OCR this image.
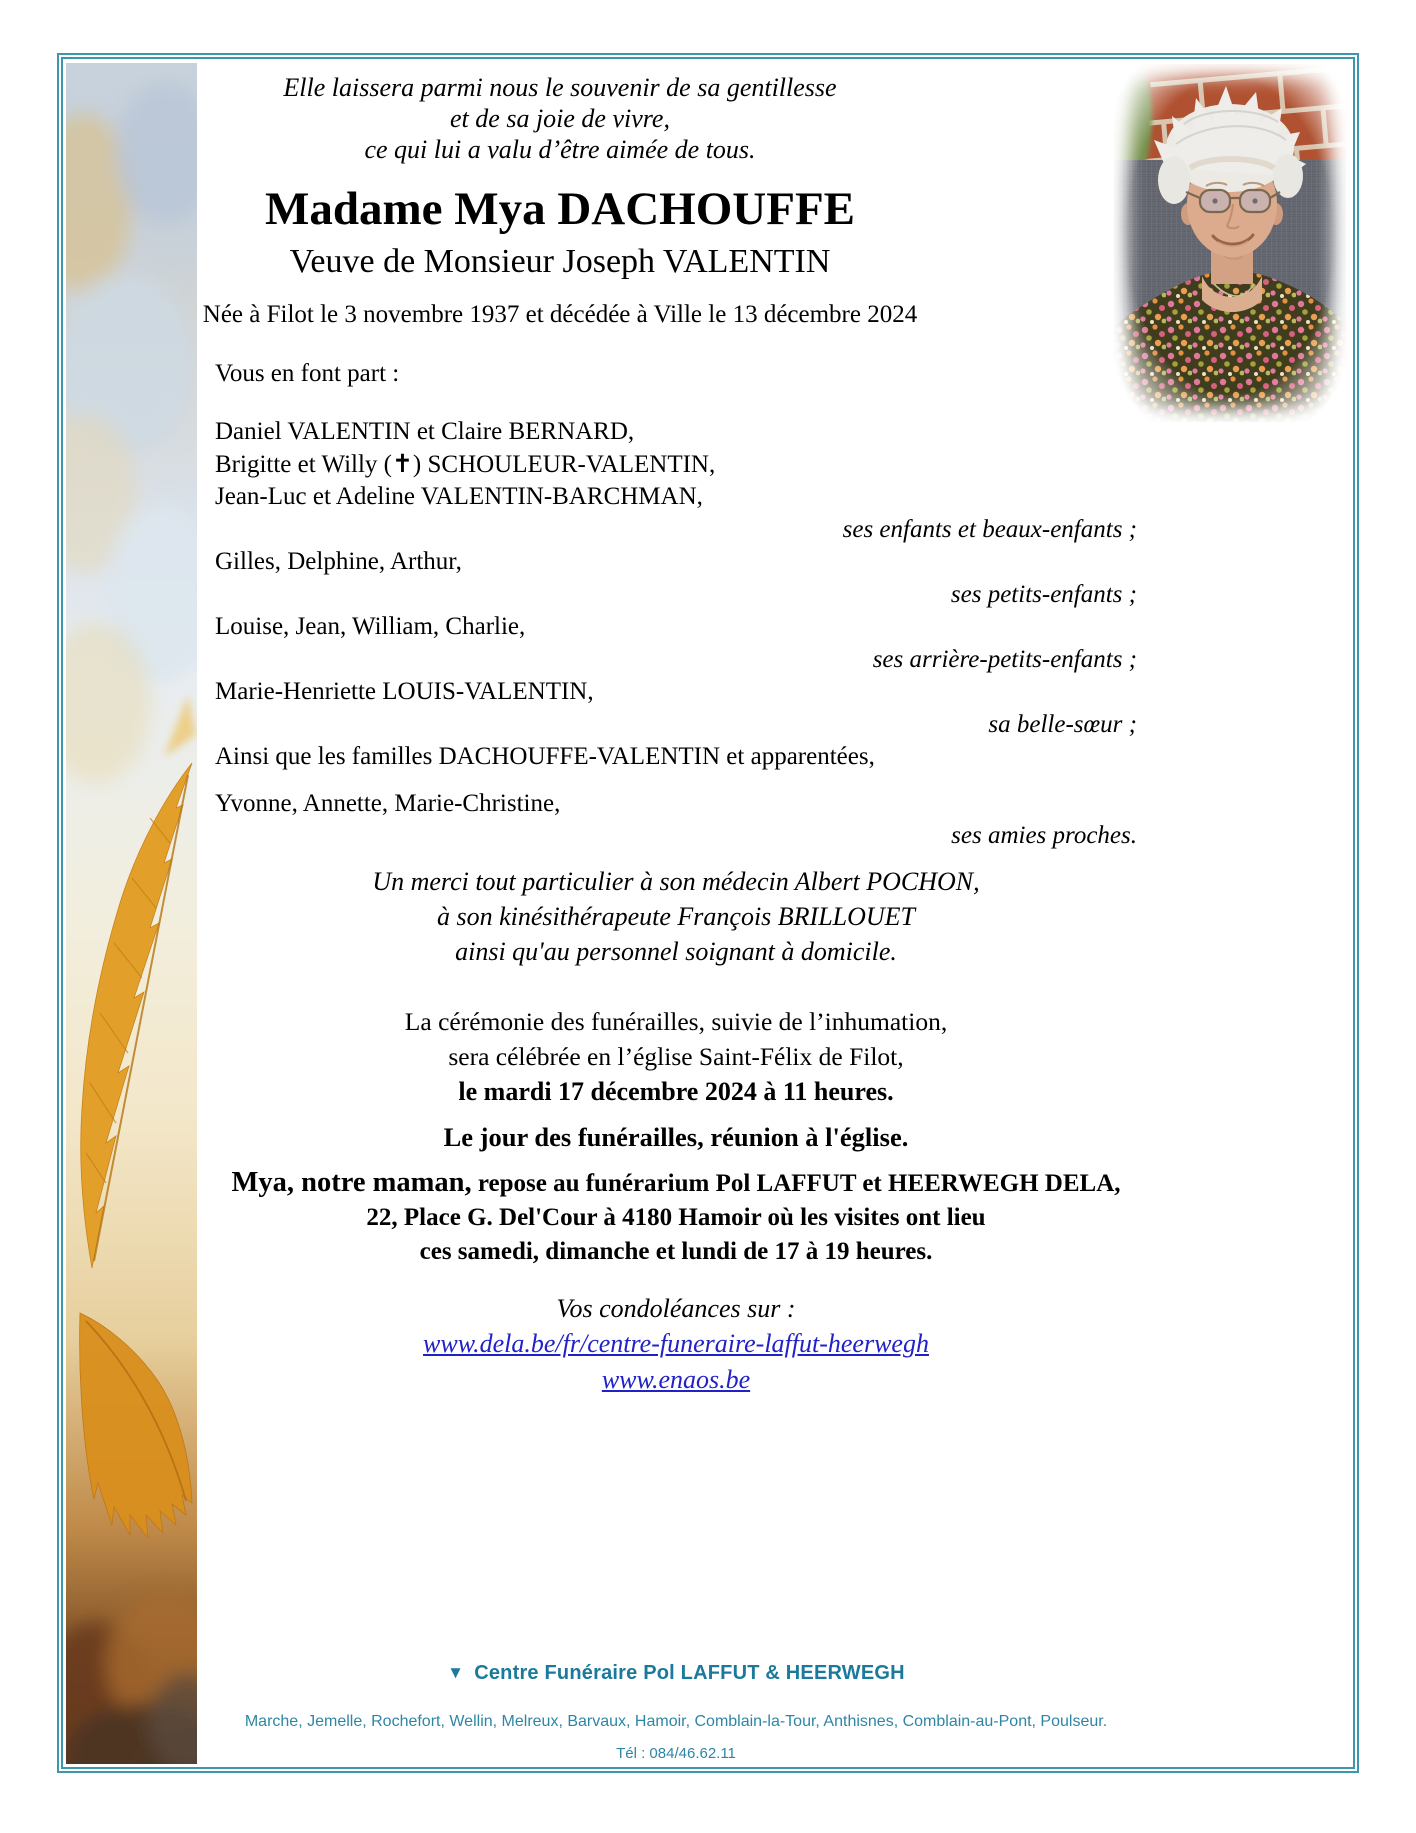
Elle laissera parmi nous le souvenir de sa gentillesse
et de sa joie de vivre,
ce qui lui a valu d’être aimée de tous.
Madame Mya DACHOUFFE
Veuve de Monsieur Joseph VALENTIN
Née à Filot le 3 novembre 1937 et décédée à Ville le 13 décembre 2024
Vous en font part :
Daniel VALENTIN et Claire BERNARD,
Brigitte et Willy (✝) SCHOULEUR-VALENTIN,
Jean-Luc et Adeline VALENTIN-BARCHMAN,
ses enfants et beaux-enfants ;
Gilles, Delphine, Arthur,
ses petits-enfants ;
Louise, Jean, William, Charlie,
ses arrière-petits-enfants ;
Marie-Henriette LOUIS-VALENTIN,
sa belle-sœur ;
Ainsi que les familles DACHOUFFE-VALENTIN et apparentées,
Yvonne, Annette, Marie-Christine,
ses amies proches.
Un merci tout particulier à son médecin Albert POCHON,
à son kinésithérapeute François BRILLOUET
ainsi qu'au personnel soignant à domicile.
La cérémonie des funérailles, suivie de l’inhumation,
sera célébrée en l’église Saint-Félix de Filot,
le mardi 17 décembre 2024 à 11 heures.
Le jour des funérailles, réunion à l'église.
Mya, notre maman, repose au funérarium Pol LAFFUT et HEERWEGH DELA,
22, Place G. Del'Cour à 4180 Hamoir où les visites ont lieu
ces samedi, dimanche et lundi de 17 à 19 heures.
Vos condoléances sur :
www.dela.be/fr/centre-funeraire-laffut-heerwegh
www.enaos.be
▼ Centre Funéraire Pol LAFFUT & HEERWEGH
Marche, Jemelle, Rochefort, Wellin, Melreux, Barvaux, Hamoir, Comblain-la-Tour, Anthisnes, Comblain-au-Pont, Poulseur.
Tél : 084/46.62.11
